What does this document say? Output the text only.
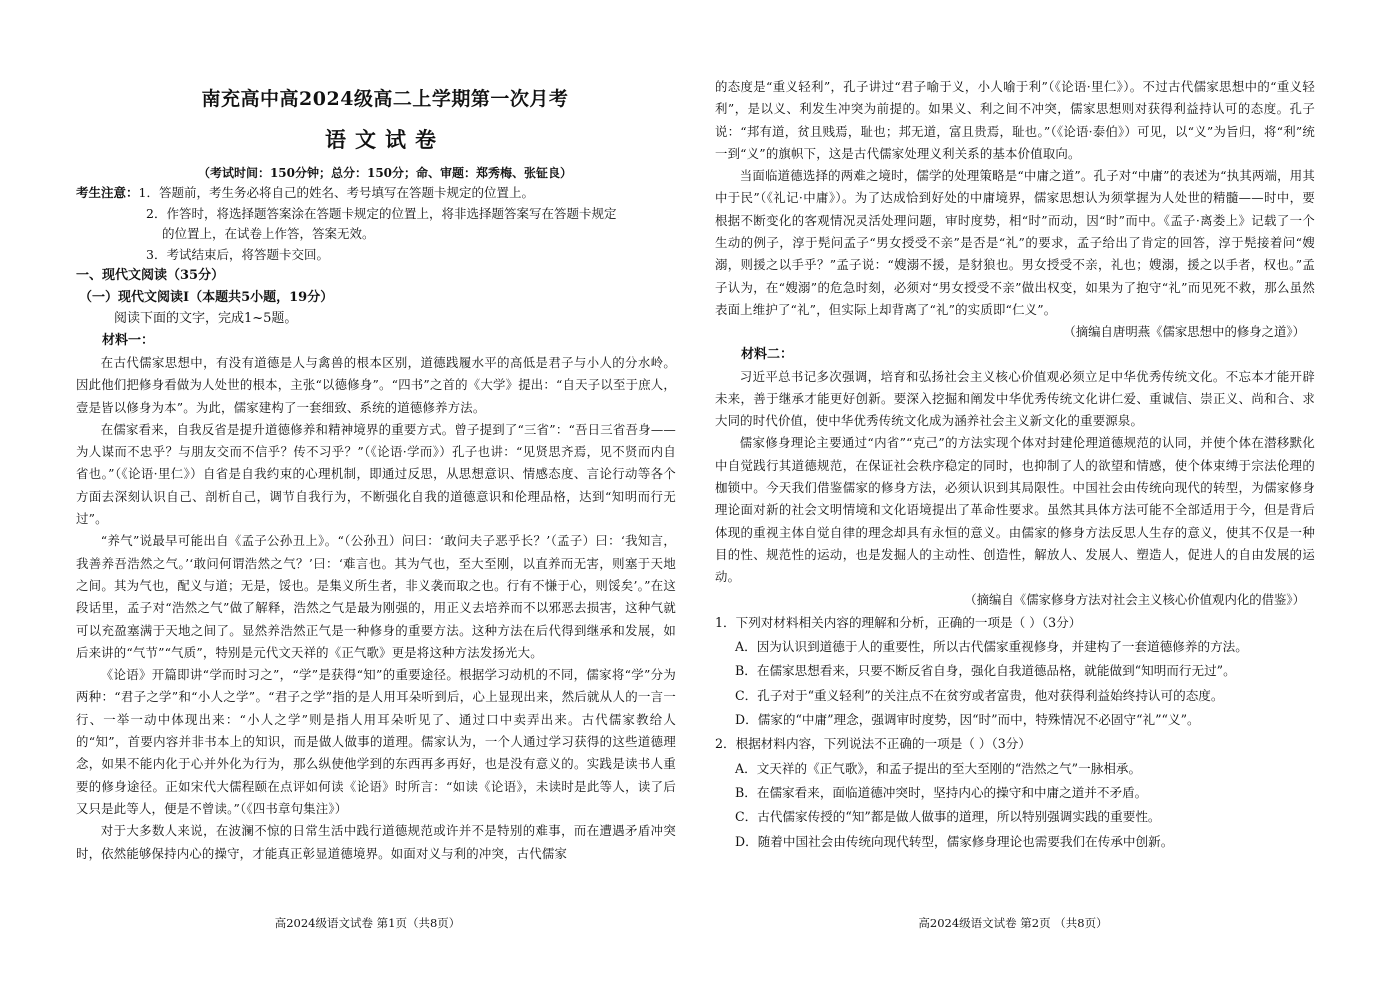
南充高中高2024级高二上学期第一次月考
语文试卷
（考试时间：150分钟；总分：150分；命、审题：郑秀梅、张钲良）
考生注意：1．答题前，考生务必将自己的姓名、考号填写在答题卡规定的位置上。
2．作答时，将选择题答案涂在答题卡规定的位置上，将非选择题答案写在答题卡规定
的位置上，在试卷上作答，答案无效。
3．考试结束后，将答题卡交回。
一、现代文阅读（35分）
（一）现代文阅读Ⅰ（本题共5小题，19分）
阅读下面的文字，完成1~5题。
材料一：

在古代儒家思想中，有没有道德是人与禽兽的根本区别，道德践履水平的高低是君子与小人的分水岭。因此他们把修身看做为人处世的根本，主张“以德修身”。“四书”之首的《大学》提出：“自天子以至于庶人，壹是皆以修身为本”。为此，儒家建构了一套细致、系统的道德修养方法。

在儒家看来，自我反省是提升道德修养和精神境界的重要方式。曾子提到了“三省”：“吾日三省吾身——为人谋而不忠乎？与朋友交而不信乎？传不习乎？”（《论语·学而》）孔子也讲：“见贤思齐焉，见不贤而内自省也。”（《论语·里仁》）自省是自我约束的心理机制，即通过反思，从思想意识、情感态度、言论行动等各个方面去深刻认识自己、剖析自己，调节自我行为，不断强化自我的道德意识和伦理品格，达到“知明而行无过”。

“养气”说最早可能出自《孟子公孙丑上》。“（公孙丑）问曰：‘敢问夫子恶乎长？’（孟子）曰：‘我知言，我善养吾浩然之气。’‘敢问何谓浩然之气？’曰：‘难言也。其为气也，至大至刚，以直养而无害，则塞于天地之间。其为气也，配义与道；无是，馁也。是集义所生者，非义袭而取之也。行有不慊于心，则馁矣’。”在这段话里，孟子对“浩然之气”做了解释，浩然之气是最为刚强的，用正义去培养而不以邪恶去损害，这种气就可以充盈塞满于天地之间了。显然养浩然正气是一种修身的重要方法。这种方法在后代得到继承和发展，如后来讲的“气节”“气质”，特别是元代文天祥的《正气歌》更是将这种方法发扬光大。

《论语》开篇即讲“学而时习之”，“学”是获得“知”的重要途径。根据学习动机的不同，儒家将“学”分为两种：“君子之学”和“小人之学”。“君子之学”指的是人用耳朵听到后，心上显现出来，然后就从人的一言一行、一举一动中体现出来：“小人之学”则是指人用耳朵听见了、通过口中卖弄出来。古代儒家教给人的“知”，首要内容并非书本上的知识，而是做人做事的道理。儒家认为，一个人通过学习获得的这些道德理念，如果不能内化于心并外化为行为，那么纵使他学到的东西再多再好，也是没有意义的。实践是读书人重要的修身途径。正如宋代大儒程颐在点评如何读《论语》时所言：“如读《论语》，未读时是此等人，读了后又只是此等人，便是不曾读。”（《四书章句集注》）

对于大多数人来说，在波澜不惊的日常生活中践行道德规范或许并不是特别的难事，而在遭遇矛盾冲突时，依然能够保持内心的操守，才能真正彰显道德境界。如面对义与利的冲突，古代儒家

高2024级语文试卷 第1页（共8页）

的态度是“重义轻利”，孔子讲过“君子喻于义，小人喻于利”（《论语·里仁》）。不过古代儒家思想中的“重义轻利”，是以义、利发生冲突为前提的。如果义、利之间不冲突，儒家思想则对获得利益持认可的态度。孔子说：“邦有道，贫且贱焉，耻也；邦无道，富且贵焉，耻也。”（《论语·泰伯》）可见，以“义”为旨归，将“利”统一到“义”的旗帜下，这是古代儒家处理义利关系的基本价值取向。

当面临道德选择的两难之境时，儒学的处理策略是“中庸之道”。孔子对“中庸”的表述为“执其两端，用其中于民”（《礼记·中庸》）。为了达成恰到好处的中庸境界，儒家思想认为须掌握为人处世的精髓——时中，要根据不断变化的客观情况灵活处理问题，审时度势，相“时”而动，因“时”而中。《孟子·离娄上》记载了一个生动的例子，淳于髡问孟子“男女授受不亲”是否是“礼”的要求，孟子给出了肯定的回答，淳于髡接着问“嫂溺，则援之以手乎？”孟子说：“嫂溺不援，是豺狼也。男女授受不亲，礼也；嫂溺，援之以手者，权也。”孟子认为，在“嫂溺”的危急时刻，必须对“男女授受不亲”做出权变，如果为了抱守“礼”而见死不救，那么虽然表面上维护了“礼”，但实际上却背离了“礼”的实质即“仁义”。

（摘编自唐明燕《儒家思想中的修身之道》）
材料二：

习近平总书记多次强调，培育和弘扬社会主义核心价值观必须立足中华优秀传统文化。不忘本才能开辟未来，善于继承才能更好创新。要深入挖掘和阐发中华优秀传统文化讲仁爱、重诚信、崇正义、尚和合、求大同的时代价值，使中华优秀传统文化成为涵养社会主义新文化的重要源泉。

儒家修身理论主要通过“内省”“克己”的方法实现个体对封建伦理道德规范的认同，并使个体在潜移默化中自觉践行其道德规范，在保证社会秩序稳定的同时，也抑制了人的欲望和情感，使个体束缚于宗法伦理的枷锁中。今天我们借鉴儒家的修身方法，必须认识到其局限性。中国社会由传统向现代的转型，为儒家修身理论面对新的社会文明情境和文化语境提出了革命性要求。虽然其具体方法可能不全部适用于今，但是背后体现的重视主体自觉自律的理念却具有永恒的意义。由儒家的修身方法反思人生存的意义，使其不仅是一种目的性、规范性的运动，也是发掘人的主动性、创造性，解放人、发展人、塑造人，促进人的自由发展的运动。

（摘编自《儒家修身方法对社会主义核心价值观内化的借鉴》）
1．下列对材料相关内容的理解和分析，正确的一项是（ ）（3分）
A．因为认识到道德于人的重要性，所以古代儒家重视修身，并建构了一套道德修养的方法。
B．在儒家思想看来，只要不断反省自身，强化自我道德品格，就能做到“知明而行无过”。
C．孔子对于“重义轻利”的关注点不在贫穷或者富贵，他对获得利益始终持认可的态度。
D．儒家的“中庸”理念，强调审时度势，因“时”而中，特殊情况不必固守“礼”“义”。
2．根据材料内容，下列说法不正确的一项是（ ）（3分）
A．文天祥的《正气歌》，和孟子提出的至大至刚的“浩然之气”一脉相承。
B．在儒家看来，面临道德冲突时，坚持内心的操守和中庸之道并不矛盾。
C．古代儒家传授的“知”都是做人做事的道理，所以特别强调实践的重要性。
D．随着中国社会由传统向现代转型，儒家修身理论也需要我们在传承中创新。
高2024级语文试卷 第2页 （共8页）
